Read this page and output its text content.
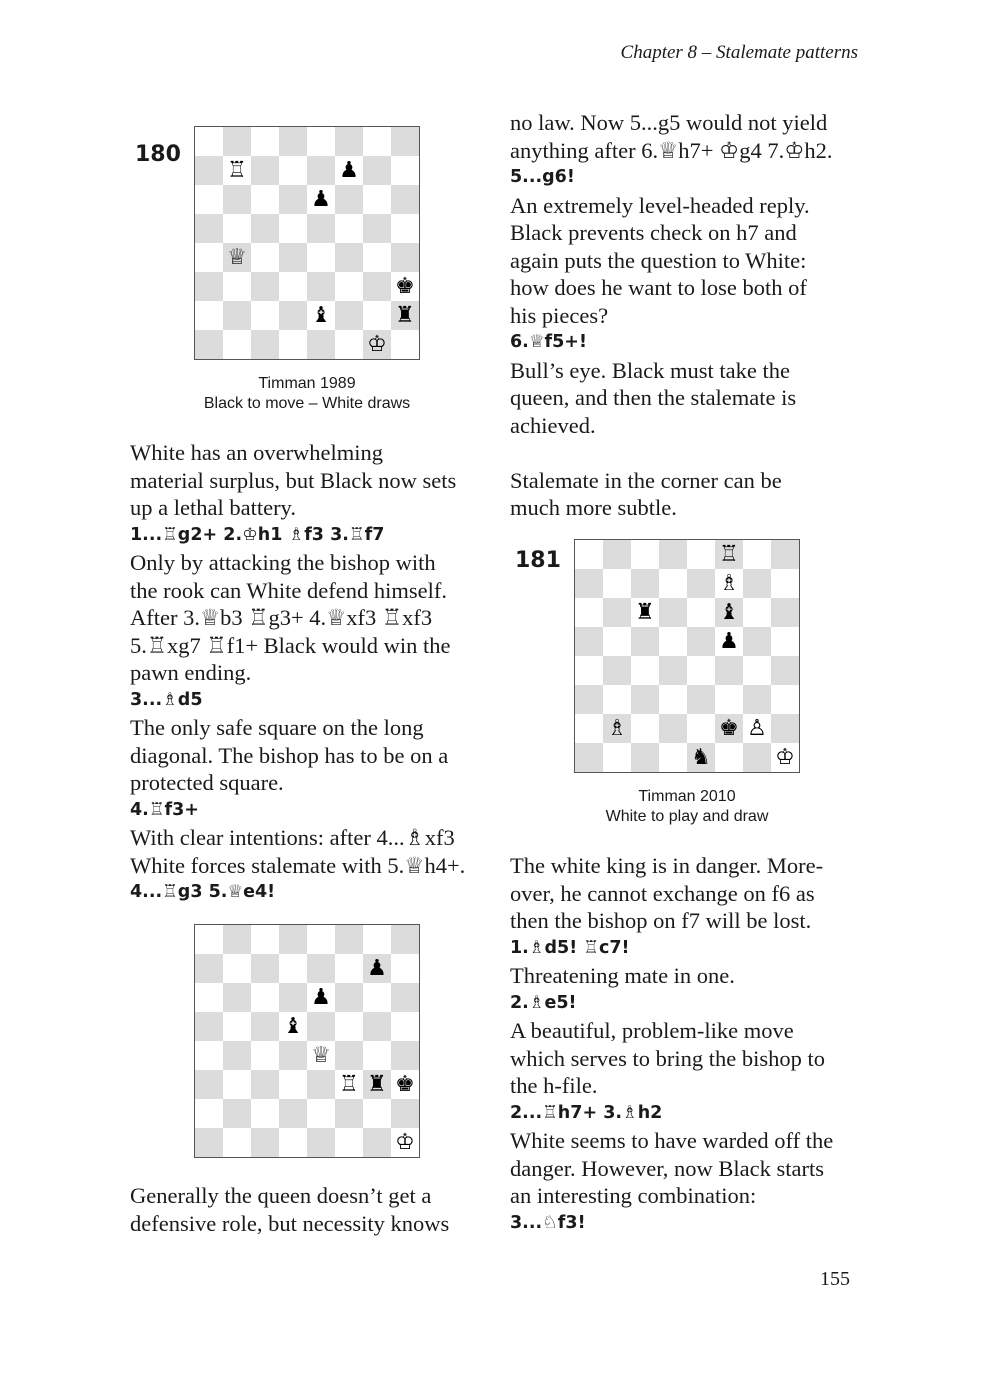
Chapter 8 – Stalemate patterns
180
♖	♟
♟
♕
♚
♝	♜
♔
Timman 1989
Black to move – White draws

White has an overwhelming
material surplus, but Black now sets
up a lethal battery.

1...♖g2+ 2.♔h1 ♗f3 3.♖f7

Only by attacking the bishop with
the rook can White defend himself.
After 3.♕b3 ♖g3+ 4.♕xf3 ♖xf3
5.♖xg7 ♖f1+ Black would win the
pawn ending.

3...♗d5

The only safe square on the long
diagonal. The bishop has to be on a
protected square.

4.♖f3+

With clear intentions: after 4...♗xf3
White forces stalemate with 5.♕h4+.

4...♖g3 5.♕e4!

♟
♟
♝
♕
♖ ♜ ♚
♔

Generally the queen doesn’t get a
defensive role, but necessity knows

no law. Now 5...g5 would not yield
anything after 6.♕h7+ ♔g4 7.♔h2.

5...g6!

An extremely level-headed reply.
Black prevents check on h7 and
again puts the question to White:
how does he want to lose both of
his pieces?

6.♕f5+!

Bull’s eye. Black must take the
queen, and then the stalemate is
achieved.

Stalemate in the corner can be
much more subtle.

181	♖
♗
♜	♝
♟
♗	♚ ♙
♞	♔
Timman 2010
White to play and draw

The white king is in danger. More-
over, he cannot exchange on f6 as
then the bishop on f7 will be lost.

1.♗d5! ♖c7!

Threatening mate in one.

2.♗e5!

A beautiful, problem-like move
which serves to bring the bishop to
the h-file.

2...♖h7+ 3.♗h2

White seems to have warded off the
danger. However, now Black starts
an interesting combination:

3...♘f3!

155
